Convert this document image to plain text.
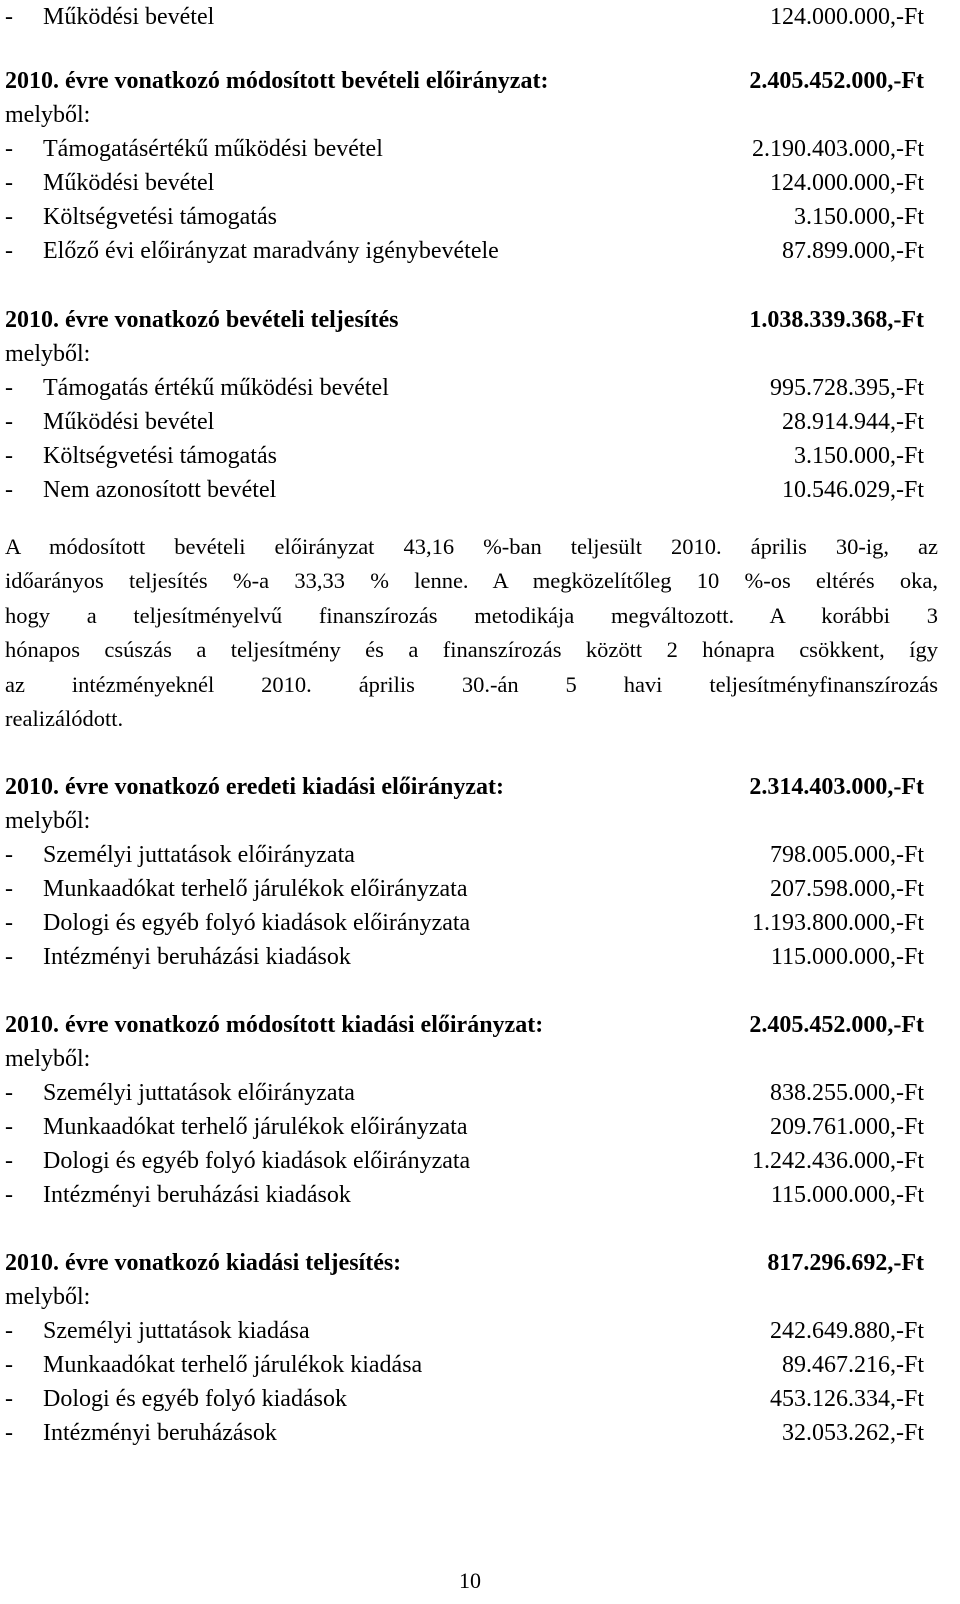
- Működési bevétel	124.000.000,-Ft
2010. évre vonatkozó módosított bevételi előirányzat:	2.405.452.000,-Ft
melyből:
- Támogatásértékű működési bevétel	2.190.403.000,-Ft
- Működési bevétel	124.000.000,-Ft
- Költségvetési támogatás	3.150.000,-Ft
- Előző évi előirányzat maradvány igénybevétele	87.899.000,-Ft
2010. évre vonatkozó bevételi teljesítés	1.038.339.368,-Ft
melyből:
- Támogatás értékű működési bevétel	995.728.395,-Ft
- Működési bevétel	28.914.944,-Ft
- Költségvetési támogatás	3.150.000,-Ft
- Nem azonosított bevétel	10.546.029,-Ft
A módosított bevételi előirányzat 43,16 %-ban teljesült 2010. április 30-ig, az
időarányos teljesítés %-a 33,33 % lenne. A megközelítőleg 10 %-os eltérés oka,
hogy a teljesítményelvű finanszírozás metodikája megváltozott. A korábbi 3
hónapos csúszás a teljesítmény és a finanszírozás között 2 hónapra csökkent, így
az intézményeknél 2010. április 30.-án 5 havi teljesítményfinanszírozás
realizálódott.
2010. évre vonatkozó eredeti kiadási előirányzat:	2.314.403.000,-Ft
melyből:
- Személyi juttatások előirányzata	798.005.000,-Ft
- Munkaadókat terhelő járulékok előirányzata	207.598.000,-Ft
- Dologi és egyéb folyó kiadások előirányzata	1.193.800.000,-Ft
- Intézményi beruházási kiadások	115.000.000,-Ft
2010. évre vonatkozó módosított kiadási előirányzat:	2.405.452.000,-Ft
melyből:
- Személyi juttatások előirányzata	838.255.000,-Ft
- Munkaadókat terhelő járulékok előirányzata	209.761.000,-Ft
- Dologi és egyéb folyó kiadások előirányzata	1.242.436.000,-Ft
- Intézményi beruházási kiadások	115.000.000,-Ft
2010. évre vonatkozó kiadási teljesítés:	817.296.692,-Ft
melyből:
- Személyi juttatások kiadása	242.649.880,-Ft
- Munkaadókat terhelő járulékok kiadása	89.467.216,-Ft
- Dologi és egyéb folyó kiadások	453.126.334,-Ft
- Intézményi beruházások	32.053.262,-Ft
10
